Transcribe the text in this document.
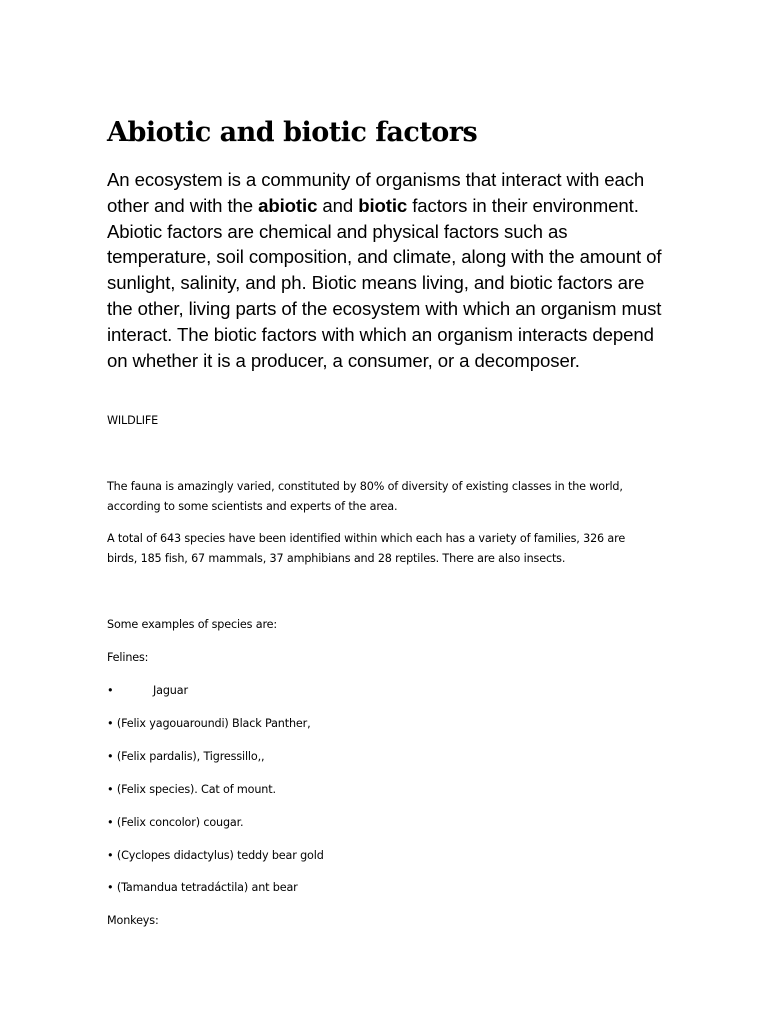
Abiotic and biotic factors

An ecosystem is a community of organisms that interact with each other and with the abiotic and biotic factors in their environment. Abiotic factors are chemical and physical factors such as temperature, soil composition, and climate, along with the amount of sunlight, salinity, and ph. Biotic means living, and biotic factors are the other, living parts of the ecosystem with which an organism must interact. The biotic factors with which an organism interacts depend on whether it is a producer, a consumer, or a decomposer.

WILDLIFE

The fauna is amazingly varied, constituted by 80% of diversity of existing classes in the world, according to some scientists and experts of the area.

A total of 643 species have been identified within which each has a variety of families, 326 are birds, 185 fish, 67 mammals, 37 amphibians and 28 reptiles. There are also insects.

Some examples of species are:

Felines:

•	Jaguar

• (Felix yagouaroundi) Black Panther,

• (Felix pardalis), Tigressillo,,

• (Felix species). Cat of mount.

• (Felix concolor) cougar.

• (Cyclopes didactylus) teddy bear gold

• (Tamandua tetradáctila) ant bear

Monkeys:
